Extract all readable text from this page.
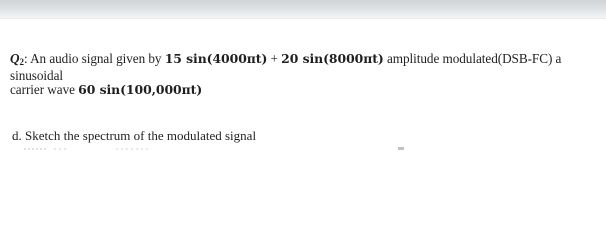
$Q_2$: An audio signal given by 15 sin(4000πt) + 20 sin(8000πt) amplitude modulated(DSB-FC) a sinusoidal
carrier wave 60 sin(100,000πt)
d. Sketch the spectrum of the modulated signal
